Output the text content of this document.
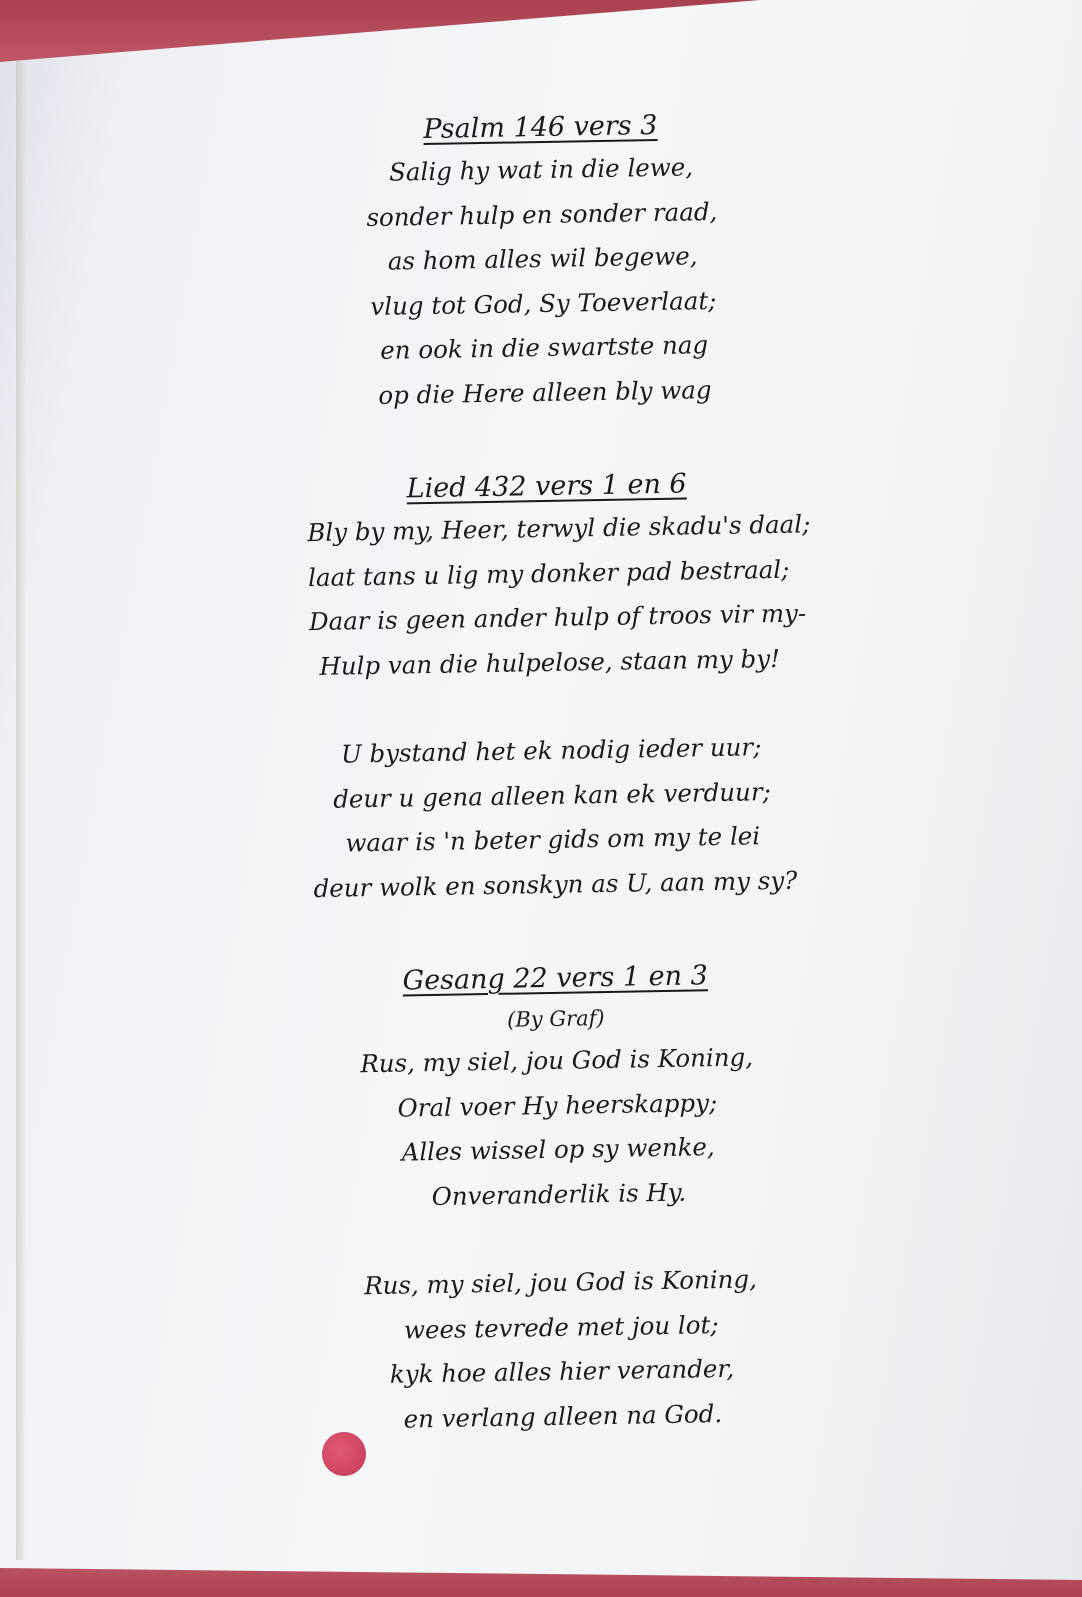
Psalm 146 vers 3
Salig hy wat in die lewe,
sonder hulp en sonder raad,
as hom alles wil begewe,
vlug tot God, Sy Toeverlaat;
en ook in die swartste nag
op die Here alleen bly wag
Lied 432 vers 1 en 6
Bly by my, Heer, terwyl die skadu's daal;
laat tans u lig my donker pad bestraal;
Daar is geen ander hulp of troos vir my-
Hulp van die hulpelose, staan my by!
U bystand het ek nodig ieder uur;
deur u gena alleen kan ek verduur;
waar is 'n beter gids om my te lei
deur wolk en sonskyn as U, aan my sy?
Gesang 22 vers 1 en 3
(By Graf)
Rus, my siel, jou God is Koning,
Oral voer Hy heerskappy;
Alles wissel op sy wenke,
Onveranderlik is Hy.
Rus, my siel, jou God is Koning,
wees tevrede met jou lot;
kyk hoe alles hier verander,
en verlang alleen na God.
